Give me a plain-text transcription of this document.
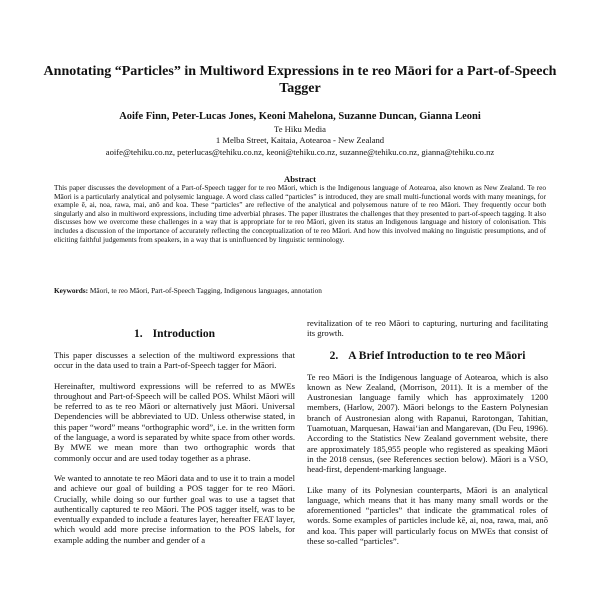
Annotating “Particles” in Multiword Expressions in te reo Māori for a Part-of-Speech Tagger
Aoife Finn, Peter-Lucas Jones, Keoni Mahelona, Suzanne Duncan, Gianna Leoni
Te Hiku Media
1 Melba Street, Kaitaia, Aotearoa - New Zealand
aoife@tehiku.co.nz, peterlucas@tehiku.co.nz, keoni@tehiku.co.nz, suzanne@tehiku.co.nz, gianna@tehiku.co.nz
Abstract

This paper discusses the development of a Part-of-Speech tagger for te reo Māori, which is the Indigenous language of Aotearoa, also known as New Zealand. Te reo Māori is a particularly analytical and polysemic language. A word class called “particles” is introduced, they are small multi-functional words with many meanings, for example ē, ai, noa, rawa, mai, anō and koa. These “particles” are reflective of the analytical and polysemous nature of te reo Māori. They frequently occur both singularly and also in multiword expressions, including time adverbial phrases. The paper illustrates the challenges that they presented to part-of-speech tagging. It also discusses how we overcome these challenges in a way that is appropriate for te reo Māori, given its status an Indigenous language and history of colonisation. This includes a discussion of the importance of accurately reflecting the conceptualization of te reo Māori. And how this involved making no linguistic presumptions, and of eliciting faithful judgements from speakers, in a way that is uninfluenced by linguistic terminology.

Keywords: Māori, te reo Māori, Part-of-Speech Tagging, Indigenous languages, annotation

1. Introduction

This paper discusses a selection of the multiword expressions that occur in the data used to train a Part-of-Speech tagger for Māori.

Hereinafter, multiword expressions will be referred to as MWEs throughout and Part-of-Speech will be called POS. Whilst Māori will be referred to as te reo Māori or alternatively just Māori. Universal Dependencies will be abbreviated to UD. Unless otherwise stated, in this paper “word” means “orthographic word”, i.e. in the written form of the language, a word is separated by white space from other words. By MWE we mean more than two orthographic words that commonly occur and are used today together as a phrase.

We wanted to annotate te reo Māori data and to use it to train a model and achieve our goal of building a POS tagger for te reo Māori. Crucially, while doing so our further goal was to use a tagset that authentically captured te reo Māori. The POS tagger itself, was to be eventually expanded to include a features layer, hereafter FEAT layer, which would add more precise information to the POS labels, for example adding the number and gender of a

revitalization of te reo Māori to capturing, nurturing and facilitating its growth.

2. A Brief Introduction to te reo Māori

Te reo Māori is the Indigenous language of Aotearoa, which is also known as New Zealand, (Morrison, 2011). It is a member of the Austronesian language family which has approximately 1200 members, (Harlow, 2007). Māori belongs to the Eastern Polynesian branch of Austronesian along with Rapanui, Rarotongan, Tahitian, Tuamotuan, Marquesan, Hawaiʻian and Mangarevan, (Du Feu, 1996). According to the Statistics New Zealand government website, there are approximately 185,955 people who registered as speaking Māori in the 2018 census, (see References section below). Māori is a VSO, head-first, dependent-marking language.

Like many of its Polynesian counterparts, Māori is an analytical language, which means that it has many many small words or the aforementioned “particles” that indicate the grammatical roles of words. Some examples of particles include kē, ai, noa, rawa, mai, anō and koa. This paper will particularly focus on MWEs that consist of these so-called “particles”.
